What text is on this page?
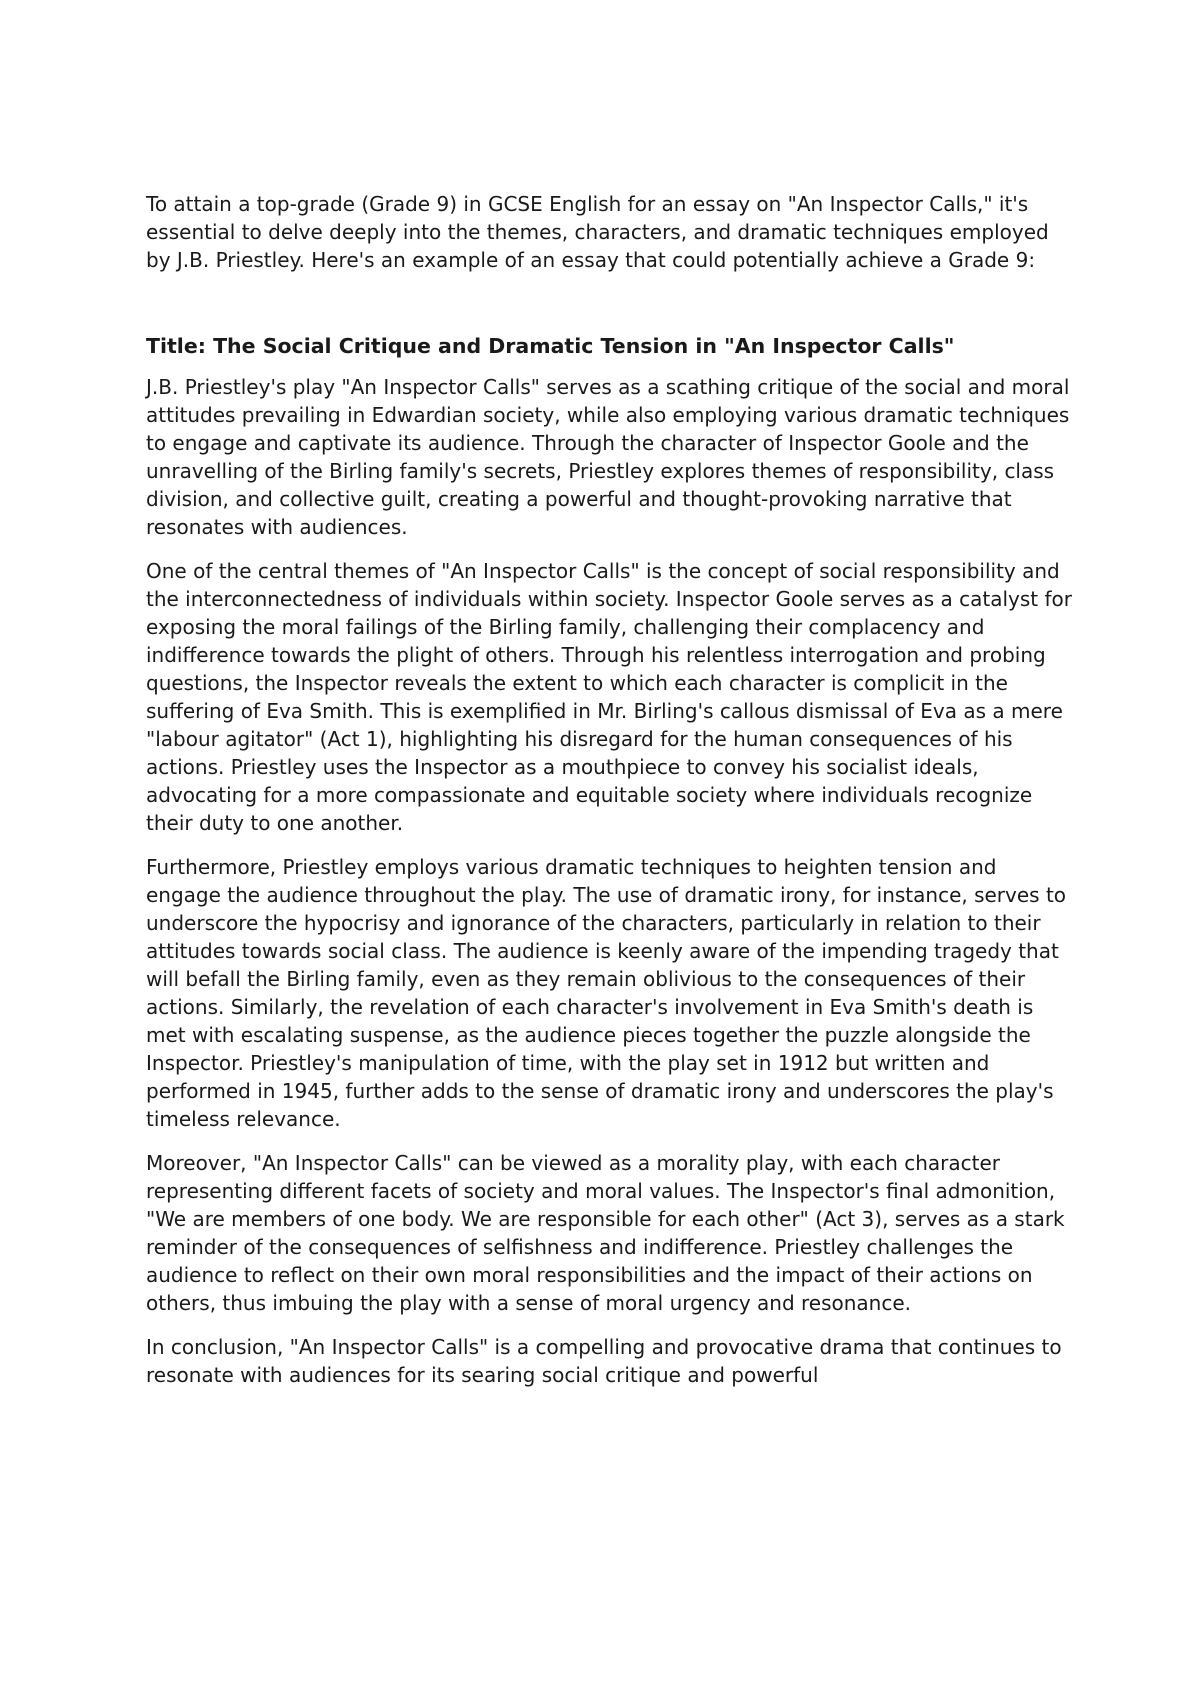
To attain a top-grade (Grade 9) in GCSE English for an essay on "An Inspector Calls," it's essential to delve deeply into the themes, characters, and dramatic techniques employed by J.B. Priestley. Here's an example of an essay that could potentially achieve a Grade 9:

Title: The Social Critique and Dramatic Tension in "An Inspector Calls"

J.B. Priestley's play "An Inspector Calls" serves as a scathing critique of the social and moral attitudes prevailing in Edwardian society, while also employing various dramatic techniques to engage and captivate its audience. Through the character of Inspector Goole and the unravelling of the Birling family's secrets, Priestley explores themes of responsibility, class division, and collective guilt, creating a powerful and thought-provoking narrative that resonates with audiences.

One of the central themes of "An Inspector Calls" is the concept of social responsibility and the interconnectedness of individuals within society. Inspector Goole serves as a catalyst for exposing the moral failings of the Birling family, challenging their complacency and indifference towards the plight of others. Through his relentless interrogation and probing questions, the Inspector reveals the extent to which each character is complicit in the suffering of Eva Smith. This is exemplified in Mr. Birling's callous dismissal of Eva as a mere "labour agitator" (Act 1), highlighting his disregard for the human consequences of his actions. Priestley uses the Inspector as a mouthpiece to convey his socialist ideals, advocating for a more compassionate and equitable society where individuals recognize their duty to one another.

Furthermore, Priestley employs various dramatic techniques to heighten tension and engage the audience throughout the play. The use of dramatic irony, for instance, serves to underscore the hypocrisy and ignorance of the characters, particularly in relation to their attitudes towards social class. The audience is keenly aware of the impending tragedy that will befall the Birling family, even as they remain oblivious to the consequences of their actions. Similarly, the revelation of each character's involvement in Eva Smith's death is met with escalating suspense, as the audience pieces together the puzzle alongside the Inspector. Priestley's manipulation of time, with the play set in 1912 but written and performed in 1945, further adds to the sense of dramatic irony and underscores the play's timeless relevance.

Moreover, "An Inspector Calls" can be viewed as a morality play, with each character representing different facets of society and moral values. The Inspector's final admonition, "We are members of one body. We are responsible for each other" (Act 3), serves as a stark reminder of the consequences of selfishness and indifference. Priestley challenges the audience to reflect on their own moral responsibilities and the impact of their actions on others, thus imbuing the play with a sense of moral urgency and resonance.

In conclusion, "An Inspector Calls" is a compelling and provocative drama that continues to resonate with audiences for its searing social critique and powerful
